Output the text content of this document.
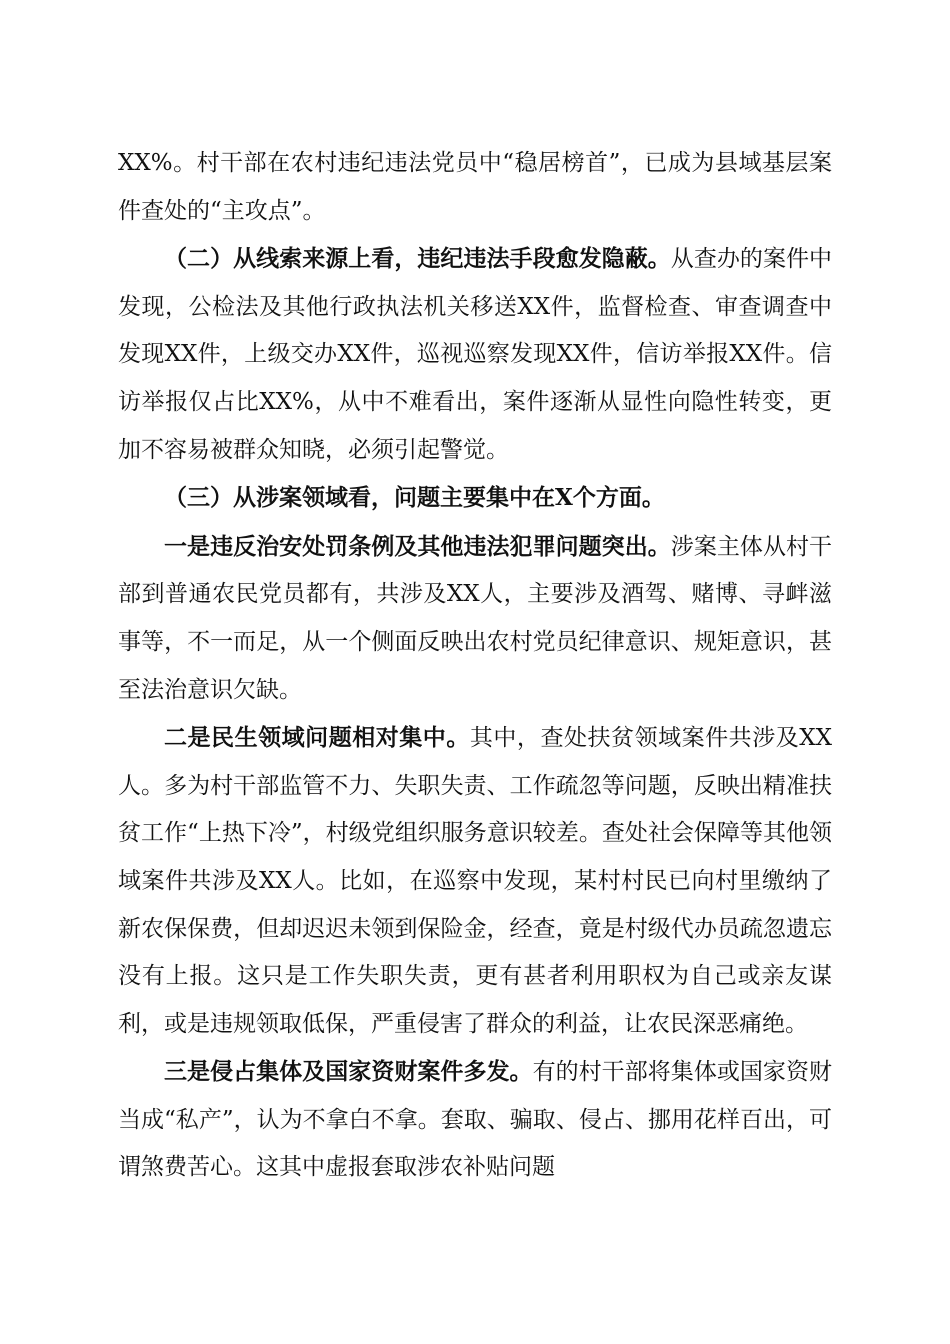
XX%。村干部在农村违纪违法党员中“稳居榜首”，已成为县域基层案件查处的“主攻点”。

（二）从线索来源上看，违纪违法手段愈发隐蔽。从查办的案件中发现，公检法及其他行政执法机关移送XX件，监督检查、审查调查中发现XX件，上级交办XX件，巡视巡察发现XX件，信访举报XX件。信访举报仅占比XX%，从中不难看出，案件逐渐从显性向隐性转变，更加不容易被群众知晓，必须引起警觉。

（三）从涉案领域看，问题主要集中在X个方面。

一是违反治安处罚条例及其他违法犯罪问题突出。涉案主体从村干部到普通农民党员都有，共涉及XX人，主要涉及酒驾、赌博、寻衅滋事等，不一而足，从一个侧面反映出农村党员纪律意识、规矩意识，甚至法治意识欠缺。

二是民生领域问题相对集中。其中，查处扶贫领域案件共涉及XX人。多为村干部监管不力、失职失责、工作疏忽等问题，反映出精准扶贫工作“上热下冷”，村级党组织服务意识较差。查处社会保障等其他领域案件共涉及XX人。比如，在巡察中发现，某村村民已向村里缴纳了新农保保费，但却迟迟未领到保险金，经查，竟是村级代办员疏忽遗忘没有上报。这只是工作失职失责，更有甚者利用职权为自己或亲友谋利，或是违规领取低保，严重侵害了群众的利益，让农民深恶痛绝。

三是侵占集体及国家资财案件多发。有的村干部将集体或国家资财当成“私产”，认为不拿白不拿。套取、骗取、侵占、挪用花样百出，可谓煞费苦心。这其中虚报套取涉农补贴问题
